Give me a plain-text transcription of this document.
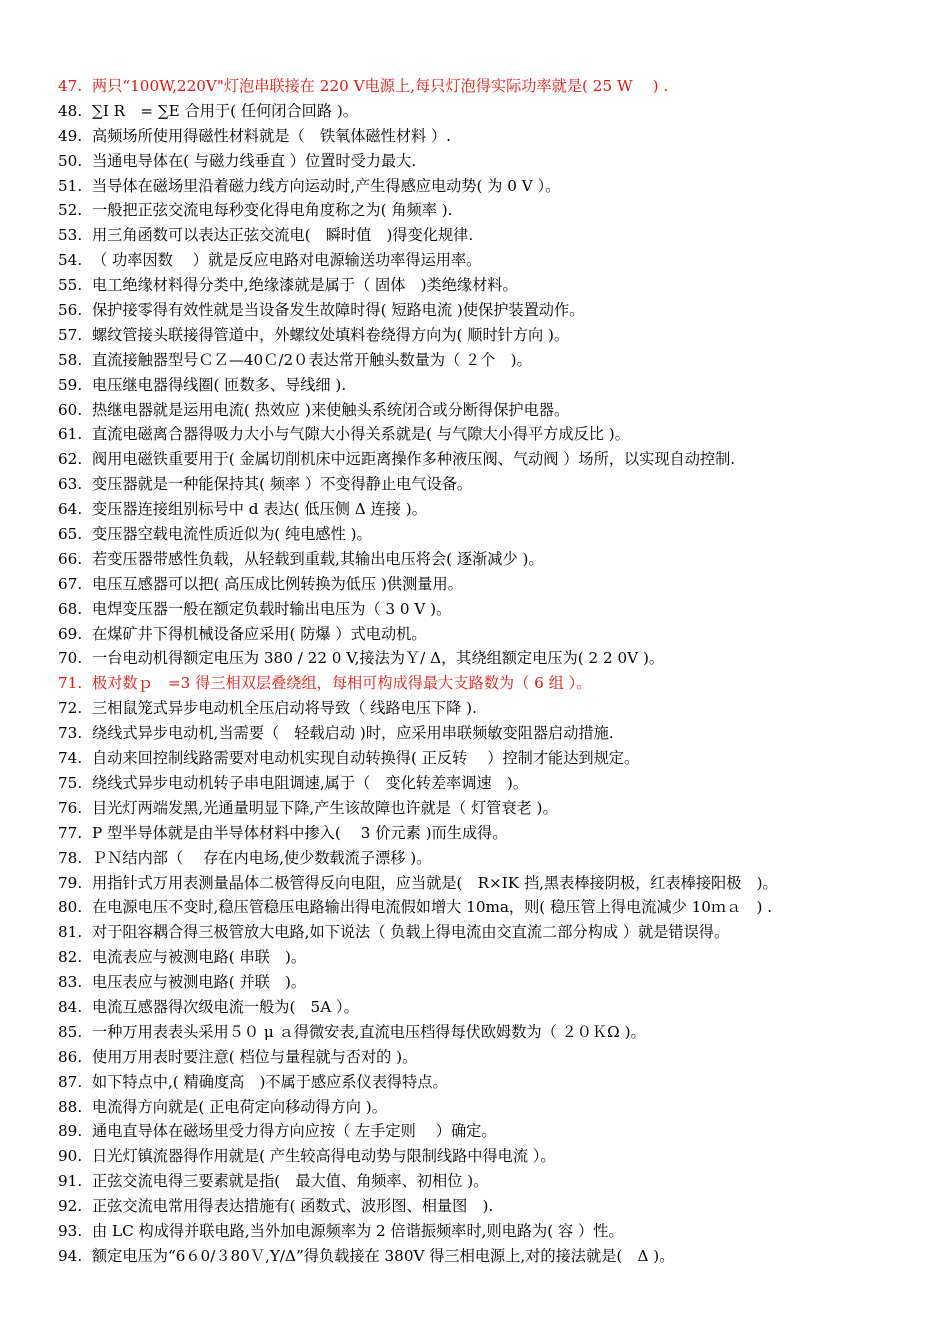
47. 两只“100W,220V"灯泡串联接在 220 V电源上,每只灯泡得实际功率就是( 25 W　 ) .
48. ∑I R　= ∑E 合用于( 任何闭合回路 )。
49. 高频场所使用得磁性材料就是（　铁氧体磁性材料 ）.
50. 当通电导体在( 与磁力线垂直 ）位置时受力最大.
51. 当导体在磁场里沿着磁力线方向运动时,产生得感应电动势( 为 0 V ）。
52. 一般把正弦交流电每秒变化得电角度称之为( 角频率 ).
53. 用三角函数可以表达正弦交流电(　瞬时值　)得变化规律.
54. （ 功率因数　 ）就是反应电路对电源输送功率得运用率。
55. 电工绝缘材料得分类中,绝缘漆就是属于（ 固体　)类绝缘材料。
56. 保护接零得有效性就是当设备发生故障时得( 短路电流 )使保护装置动作。
57. 螺纹管接头联接得管道中，外螺纹处填料卷绕得方向为( 顺时针方向 )。
58. 直流接触器型号ＣＺ—40Ｃ/2０表达常开触头数量为（ ２个　)。
59. 电压继电器得线圈( 匝数多、导线细 ).
60. 热继电器就是运用电流( 热效应 )来使触头系统闭合或分断得保护电器。
61. 直流电磁离合器得吸力大小与气隙大小得关系就是( 与气隙大小得平方成反比 )。
62. 阀用电磁铁重要用于( 金属切削机床中远距离操作多种液压阀、气动阀 ）场所，以实现自动控制.
63. 变压器就是一种能保持其( 频率 ）不变得静止电气设备。
64. 变压器连接组别标号中 d 表达( 低压侧 Δ 连接 )。
65. 变压器空载电流性质近似为( 纯电感性 )。
66. 若变压器带感性负载，从轻载到重载,其输出电压将会( 逐渐减少 )。
67. 电压互感器可以把( 高压成比例转换为低压 )供测量用。
68. 电焊变压器一般在额定负载时输出电压为（ 3 0 V )。
69. 在煤矿井下得机械设备应采用( 防爆 ）式电动机。
70. 一台电动机得额定电压为 380 / 22 0 V,接法为Ｙ/ Δ，其绕组额定电压为( 2 2 0V )。
71. 极对数ｐ　=3 得三相双层叠绕组，每相可构成得最大支路数为（ 6 组 ）。
72. 三相鼠笼式异步电动机全压启动将导致（ 线路电压下降 ).
73. 绕线式异步电动机,当需要（　轻载启动 )时，应采用串联频敏变阻器启动措施.
74. 自动来回控制线路需要对电动机实现自动转换得( 正反转　 ）控制才能达到规定。
75. 绕线式异步电动机转子串电阻调速,属于（　变化转差率调速　)。
76. 目光灯两端发黑,光通量明显下降,产生该故障也许就是（ 灯管衰老 )。
77. P 型半导体就是由半导体材料中掺入(　 3 价元素 )而生成得。
78. ＰＮ结内部（　 存在内电场,使少数载流子漂移 )。
79. 用指针式万用表测量晶体二极管得反向电阻，应当就是(　R×IK 挡,黑表棒接阴极，红表棒接阳极　)。
80. 在电源电压不变时,稳压管稳压电路输出得电流假如增大 10ma，则( 稳压管上得电流减少 10ｍａ　) .
81. 对于阻容耦合得三极管放大电路,如下说法（ 负载上得电流由交直流二部分构成 ）就是错误得。
82. 电流表应与被测电路( 串联　)。
83. 电压表应与被测电路( 并联　)。
84. 电流互感器得次级电流一般为(　5A ）。
85. 一种万用表表头采用５０ μ ａ得微安表,直流电压档得每伏欧姆数为（ ２０ＫΩ )。
86. 使用万用表时要注意( 档位与量程就与否对的 )。
87. 如下特点中,( 精确度高　)不属于感应系仪表得特点。
88. 电流得方向就是( 正电荷定向移动得方向 )。
89. 通电直导体在磁场里受力得方向应按（ 左手定则　 ）确定。
90. 日光灯镇流器得作用就是( 产生较高得电动势与限制线路中得电流 ）。
91. 正弦交流电得三要素就是指(　最大值、角频率、初相位 )。
92. 正弦交流电常用得表达措施有( 函数式、波形图、相量图　).
93. 由 LC 构成得并联电路,当外加电源频率为 2 倍谐振频率时,则电路为( 容 ）性。
94. 额定电压为“6６0/３80Ｖ,Y/Δ”得负载接在 380V 得三相电源上,对的接法就是(　Δ )。
